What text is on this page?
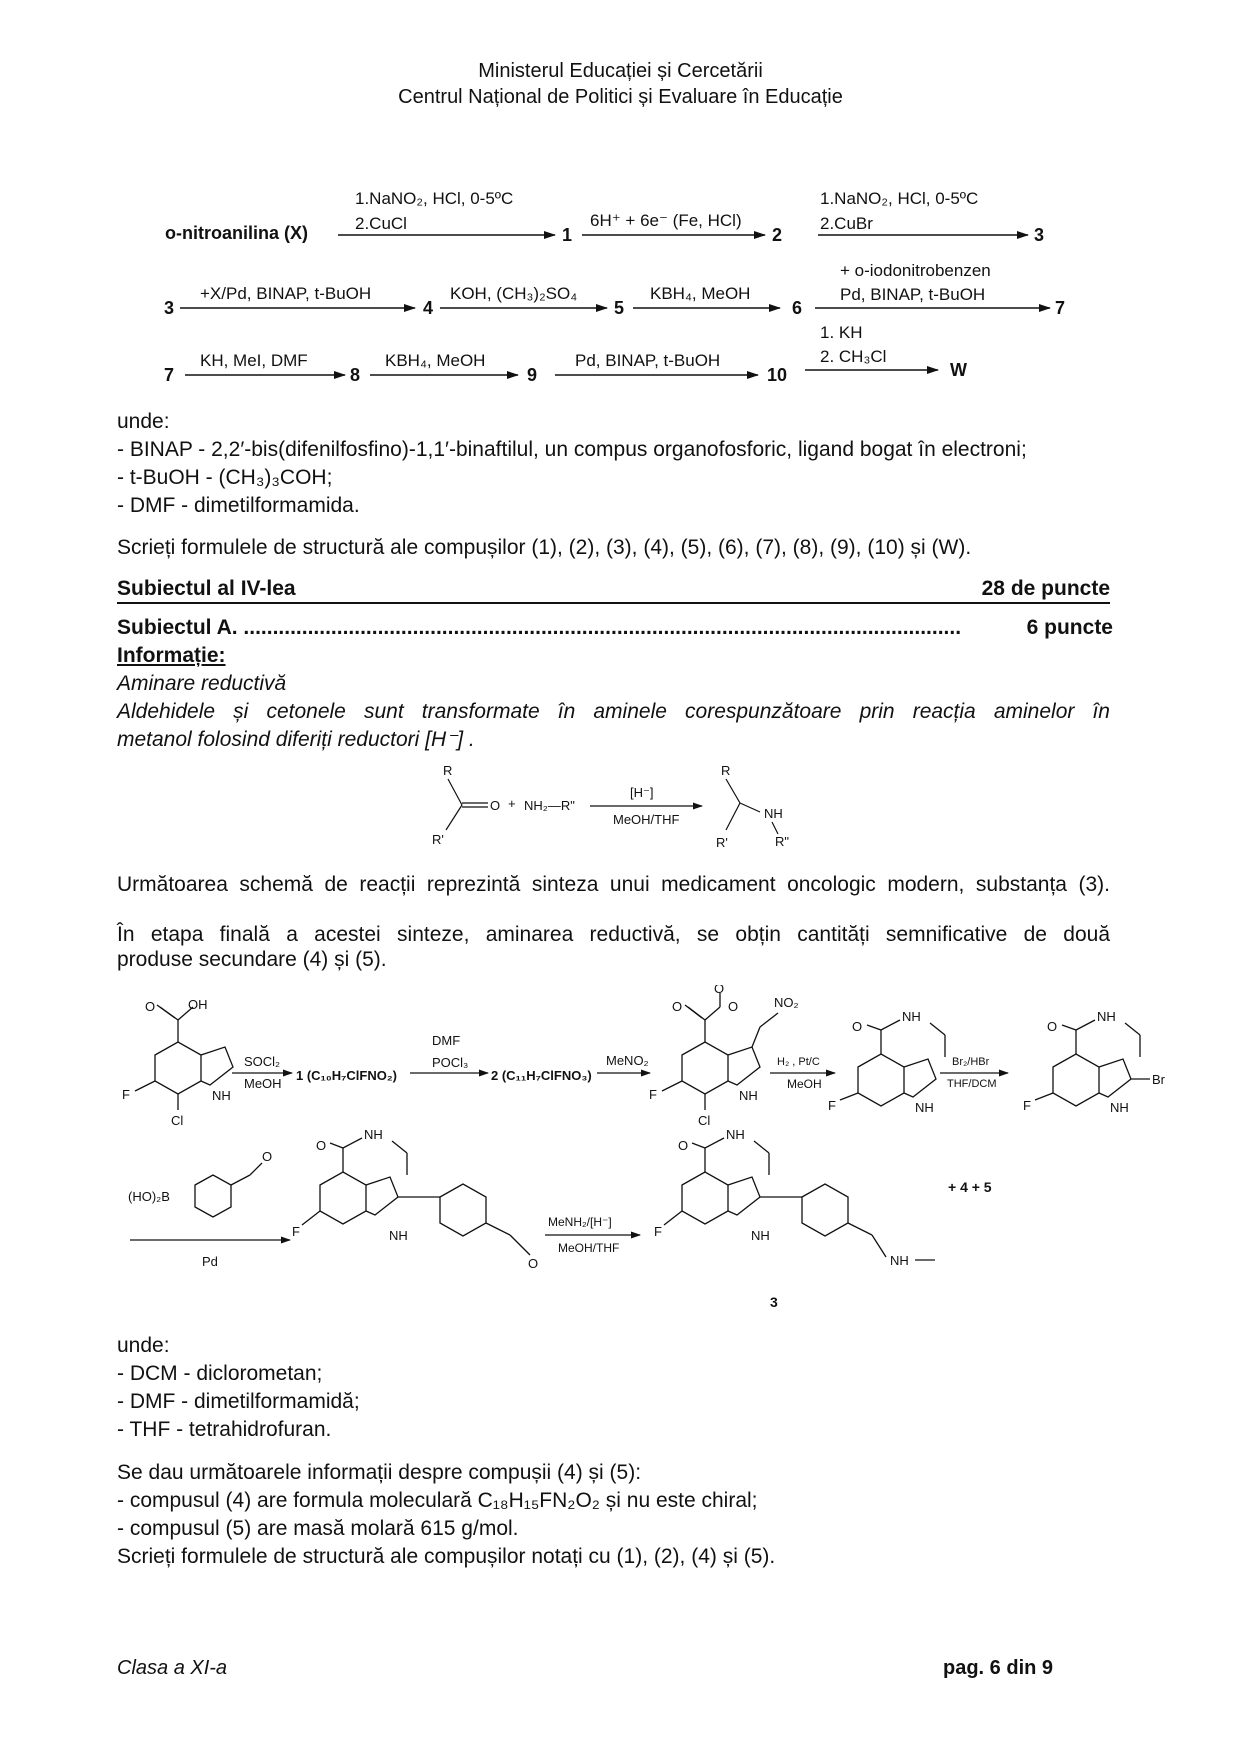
Ministerul Educației și Cercetării
Centrul Național de Politici și Evaluare în Educație
o-nitroanilina (X)
1.NaNO₂, HCl, 0-5ºC
2.CuCl
1
6H⁺ + 6e⁻ (Fe, HCl)
2
1.NaNO₂, HCl, 0-5ºC
2.CuBr
3
3
+X/Pd, BINAP, t-BuOH
4
KOH, (CH₃)₂SO₄
5
KBH₄, MeOH
6
+ o-iodonitrobenzen
Pd, BINAP, t-BuOH
7
7
KH, MeI, DMF
8
KBH₄, MeOH
9
Pd, BINAP, t-BuOH
10
1. KH
2. CH₃Cl
W
unde:
- BINAP - 2,2′-bis(difenilfosfino)-1,1′-binaftilul, un compus organofosforic, ligand bogat în electroni;
- t-BuOH - (CH₃)₃COH;
- DMF - dimetilformamida.
Scrieți formulele de structură ale compușilor (1), (2), (3), (4), (5), (6), (7), (8), (9), (10) și (W).
Subiectul al IV-lea	28 de puncte
Subiectul A. ...........................................................................................................................	6 puncte
Informație:
Aminare reductivă
Aldehidele și cetonele sunt transformate în aminele corespunzătoare prin reacția aminelor în
metanol folosind diferiți reductori [H⁻] .
R
O
R'
+ NH₂—R"
[H⁻]
MeOH/THF
R
NH
R'	R"
Următoarea schemă de reacții reprezintă sinteza unui medicament oncologic modern, substanța (3).
În etapa finală a acestei sinteze, aminarea reductivă, se obțin cantități semnificative de două
produse secundare (4) și (5).
O	OH
F
Cl
NH
SOCl₂
MeOH
1 (C₁₀H₇ClFNO₂)
DMF
POCl₃
2 (C₁₁H₇ClFNO₃)
MeNO₂
O
O
O	NO₂
F
Cl
NH
H₂ , Pt/C
MeOH
O
NH
F	NH
Br₂/HBr
THF/DCM
O
NH
F	NH
Br
(HO)₂B
O
Pd
O
NH
F	NH
O
MeNH₂/[H⁻]
MeOH/THF
O
NH
F	NH
NH
3
+ 4 + 5
unde:
- DCM - diclorometan;
- DMF - dimetilformamidă;
- THF - tetrahidrofuran.
Se dau următoarele informații despre compușii (4) și (5):
- compusul (4) are formula moleculară C₁₈H₁₅FN₂O₂ și nu este chiral;
- compusul (5) are masă molară 615 g/mol.
Scrieți formulele de structură ale compușilor notați cu (1), (2), (4) și (5).
Clasa a XI-a	pag. 6 din 9
